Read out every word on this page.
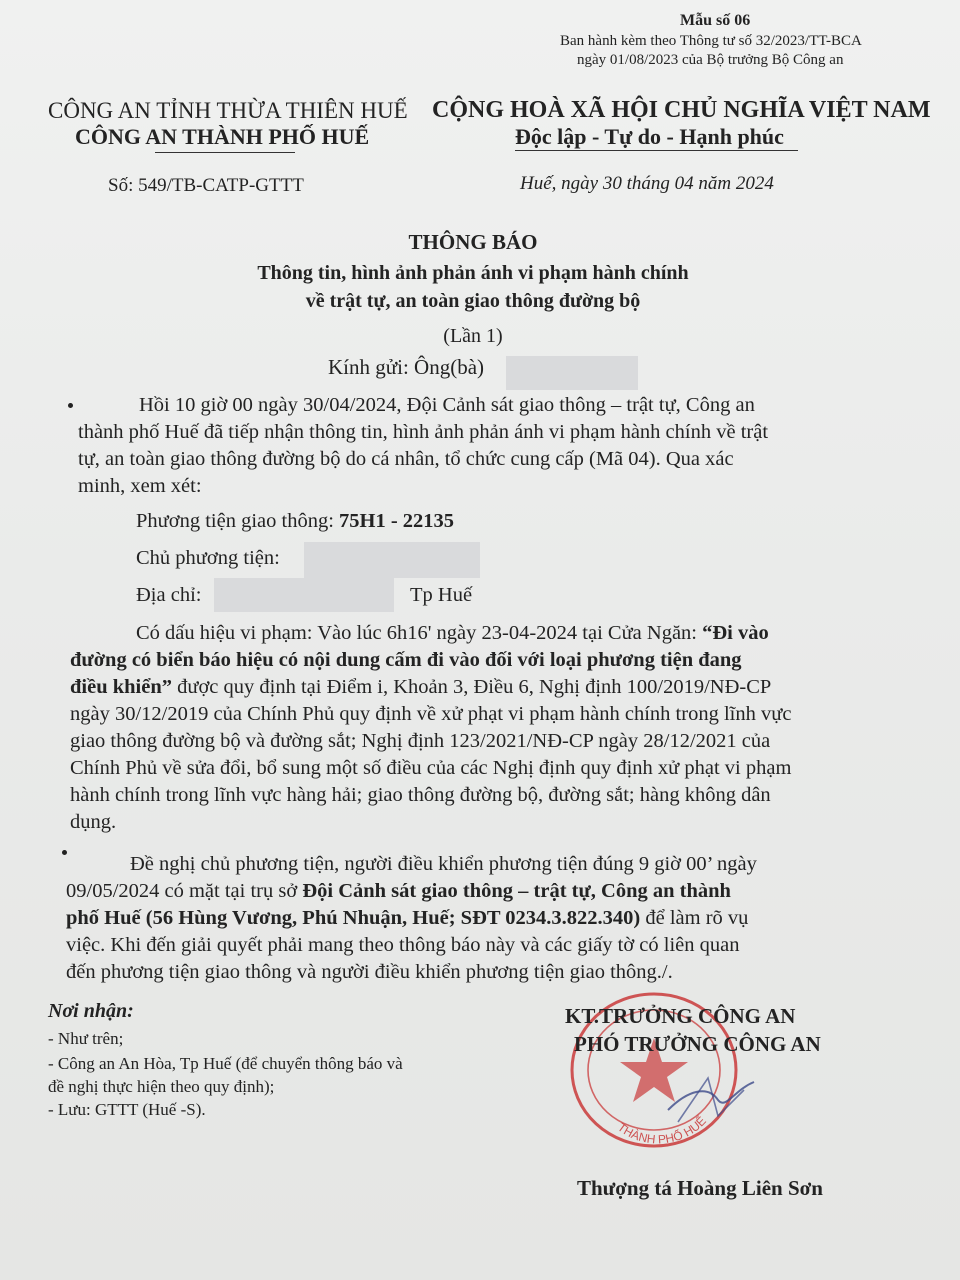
Mẫu số 06
Ban hành kèm theo Thông tư số 32/2023/TT-BCA
ngày 01/08/2023 của Bộ trưởng Bộ Công an
CÔNG AN TỈNH THỪA THIÊN HUẾ
CÔNG AN THÀNH PHỐ HUẾ
CỘNG HOÀ XÃ HỘI CHỦ NGHĨA VIỆT NAM
Độc lập - Tự do - Hạnh phúc
Số: 549/TB-CATP-GTTT	Huế, ngày 30 tháng 04 năm 2024
THÔNG BÁO
Thông tin, hình ảnh phản ánh vi phạm hành chính
về trật tự, an toàn giao thông đường bộ
(Lần 1)
Kính gửi: Ông(bà)
Hồi 10 giờ 00 ngày 30/04/2024, Đội Cảnh sát giao thông – trật tự, Công an
thành phố Huế đã tiếp nhận thông tin, hình ảnh phản ánh vi phạm hành chính về trật
tự, an toàn giao thông đường bộ do cá nhân, tổ chức cung cấp (Mã 04). Qua xác
minh, xem xét:
Phương tiện giao thông: 75H1 - 22135
Chủ phương tiện:
Địa chỉ:	Tp Huế
Có dấu hiệu vi phạm: Vào lúc 6h16' ngày 23-04-2024 tại Cửa Ngăn: “Đi vào
đường có biển báo hiệu có nội dung cấm đi vào đối với loại phương tiện đang
điều khiển” được quy định tại Điểm i, Khoản 3, Điều 6, Nghị định 100/2019/NĐ-CP
ngày 30/12/2019 của Chính Phủ quy định về xử phạt vi phạm hành chính trong lĩnh vực
giao thông đường bộ và đường sắt; Nghị định 123/2021/NĐ-CP ngày 28/12/2021 của
Chính Phủ về sửa đổi, bổ sung một số điều của các Nghị định quy định xử phạt vi phạm
hành chính trong lĩnh vực hàng hải; giao thông đường bộ, đường sắt; hàng không dân
dụng.
Đề nghị chủ phương tiện, người điều khiển phương tiện đúng 9 giờ 00’ ngày
09/05/2024 có mặt tại trụ sở Đội Cảnh sát giao thông – trật tự, Công an thành
phố Huế (56 Hùng Vương, Phú Nhuận, Huế; SĐT 0234.3.822.340) để làm rõ vụ
việc. Khi đến giải quyết phải mang theo thông báo này và các giấy tờ có liên quan
đến phương tiện giao thông và người điều khiển phương tiện giao thông./.
Nơi nhận:
- Như trên;
- Công an An Hòa, Tp Huế (để chuyển thông báo và
đề nghị thực hiện theo quy định);
- Lưu: GTTT (Huế -S).
THÀNH PHỐ HUẾ
KT.TRƯỞNG CÔNG AN
PHÓ TRƯỞNG CÔNG AN
Thượng tá Hoàng Liên Sơn
